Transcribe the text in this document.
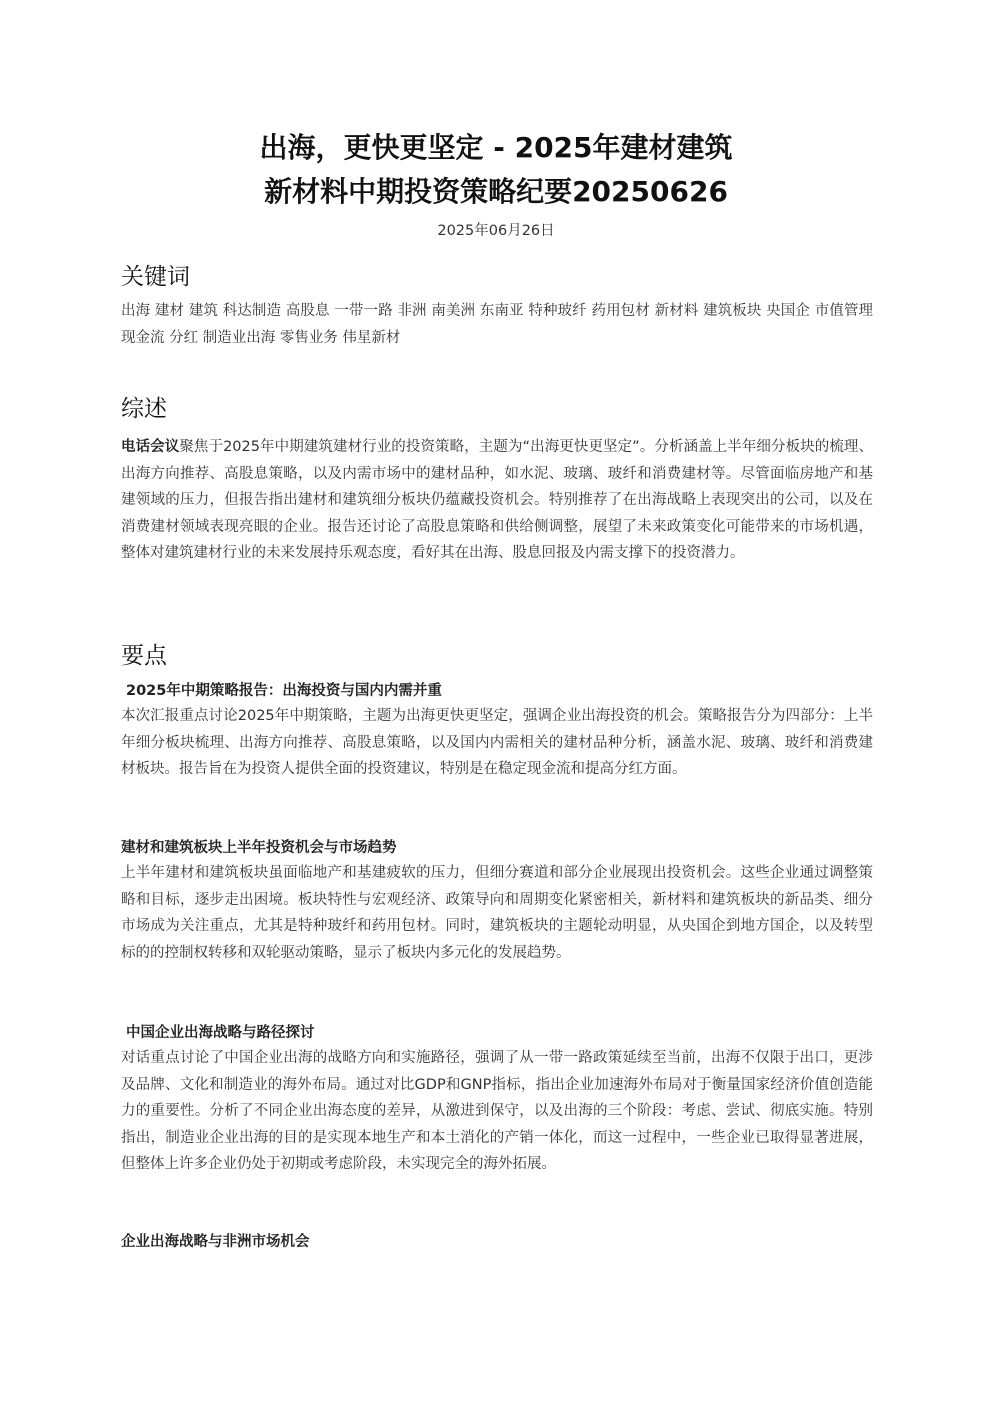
出海，更快更坚定 - 2025年建材建筑
新材料中期投资策略纪要20250626
2025年06月26日
关键词

出海 建材 建筑 科达制造 高股息 一带一路 非洲 南美洲 东南亚 特种玻纤 药用包材 新材料 建筑板块 央国企 市值管理 现金流 分红 制造业出海 零售业务 伟星新材

综述

电话会议聚焦于2025年中期建筑建材行业的投资策略，主题为“出海更快更坚定”。分析涵盖上半年细分板块的梳理、出海方向推荐、高股息策略，以及内需市场中的建材品种，如水泥、玻璃、玻纤和消费建材等。尽管面临房地产和基建领域的压力，但报告指出建材和建筑细分板块仍蕴藏投资机会。特别推荐了在出海战略上表现突出的公司，以及在消费建材领域表现亮眼的企业。报告还讨论了高股息策略和供给侧调整，展望了未来政策变化可能带来的市场机遇，整体对建筑建材行业的未来发展持乐观态度，看好其在出海、股息回报及内需支撑下的投资潜力。

要点
2025年中期策略报告：出海投资与国内内需并重

本次汇报重点讨论2025年中期策略，主题为出海更快更坚定，强调企业出海投资的机会。策略报告分为四部分：上半年细分板块梳理、出海方向推荐、高股息策略，以及国内内需相关的建材品种分析，涵盖水泥、玻璃、玻纤和消费建材板块。报告旨在为投资人提供全面的投资建议，特别是在稳定现金流和提高分红方面。

建材和建筑板块上半年投资机会与市场趋势

上半年建材和建筑板块虽面临地产和基建疲软的压力，但细分赛道和部分企业展现出投资机会。这些企业通过调整策略和目标，逐步走出困境。板块特性与宏观经济、政策导向和周期变化紧密相关，新材料和建筑板块的新品类、细分市场成为关注重点，尤其是特种玻纤和药用包材。同时，建筑板块的主题轮动明显，从央国企到地方国企，以及转型标的的控制权转移和双轮驱动策略，显示了板块内多元化的发展趋势。

中国企业出海战略与路径探讨

对话重点讨论了中国企业出海的战略方向和实施路径，强调了从一带一路政策延续至当前，出海不仅限于出口，更涉及品牌、文化和制造业的海外布局。通过对比GDP和GNP指标，指出企业加速海外布局对于衡量国家经济价值创造能力的重要性。分析了不同企业出海态度的差异，从激进到保守，以及出海的三个阶段：考虑、尝试、彻底实施。特别指出，制造业企业出海的目的是实现本地生产和本土消化的产销一体化，而这一过程中，一些企业已取得显著进展，但整体上许多企业仍处于初期或考虑阶段，未实现完全的海外拓展。

企业出海战略与非洲市场机会
